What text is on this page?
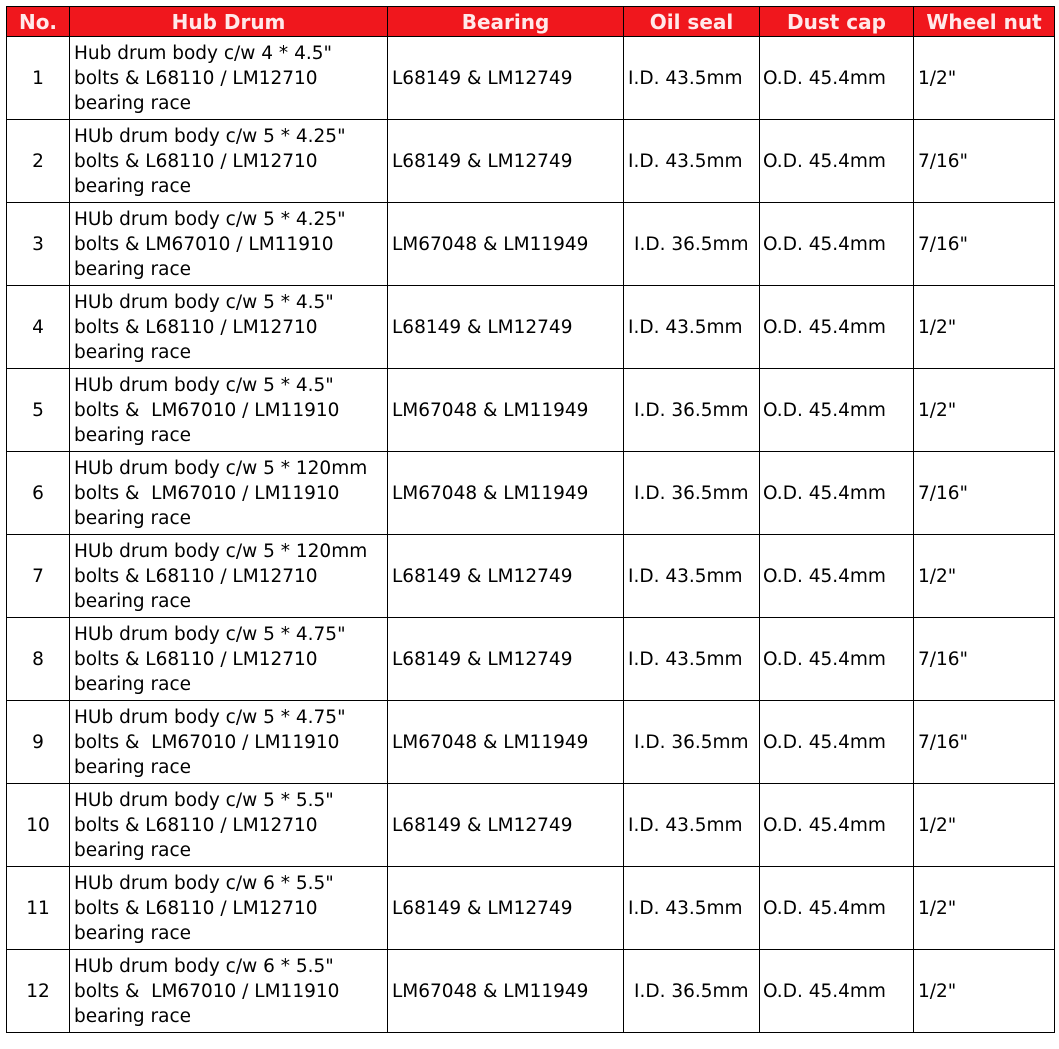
No.	Hub Drum	Bearing	Oil seal	Dust cap	Wheel nut
1	Hub drum body c/w 4 * 4.5"
bolts & L68110 / LM12710
bearing race	L68149 & LM12749	I.D. 43.5mm	O.D. 45.4mm	1/2"
2	HUb drum body c/w 5 * 4.25"
bolts & L68110 / LM12710
bearing race	L68149 & LM12749	I.D. 43.5mm	O.D. 45.4mm	7/16"
3	HUb drum body c/w 5 * 4.25"
bolts & LM67010 / LM11910
bearing race	LM67048 & LM11949	I.D. 36.5mm	O.D. 45.4mm	7/16"
4	HUb drum body c/w 5 * 4.5"
bolts & L68110 / LM12710
bearing race	L68149 & LM12749	I.D. 43.5mm	O.D. 45.4mm	1/2"
5	HUb drum body c/w 5 * 4.5"
bolts &  LM67010 / LM11910
bearing race	LM67048 & LM11949	I.D. 36.5mm	O.D. 45.4mm	1/2"
6	HUb drum body c/w 5 * 120mm
bolts &  LM67010 / LM11910
bearing race	LM67048 & LM11949	I.D. 36.5mm	O.D. 45.4mm	7/16"
7	HUb drum body c/w 5 * 120mm
bolts & L68110 / LM12710
bearing race	L68149 & LM12749	I.D. 43.5mm	O.D. 45.4mm	1/2"
8	HUb drum body c/w 5 * 4.75"
bolts & L68110 / LM12710
bearing race	L68149 & LM12749	I.D. 43.5mm	O.D. 45.4mm	7/16"
9	HUb drum body c/w 5 * 4.75"
bolts &  LM67010 / LM11910
bearing race	LM67048 & LM11949	I.D. 36.5mm	O.D. 45.4mm	7/16"
10	HUb drum body c/w 5 * 5.5"
bolts & L68110 / LM12710
bearing race	L68149 & LM12749	I.D. 43.5mm	O.D. 45.4mm	1/2"
11	HUb drum body c/w 6 * 5.5"
bolts & L68110 / LM12710
bearing race	L68149 & LM12749	I.D. 43.5mm	O.D. 45.4mm	1/2"
12	HUb drum body c/w 6 * 5.5"
bolts &  LM67010 / LM11910
bearing race	LM67048 & LM11949	I.D. 36.5mm	O.D. 45.4mm	1/2"
